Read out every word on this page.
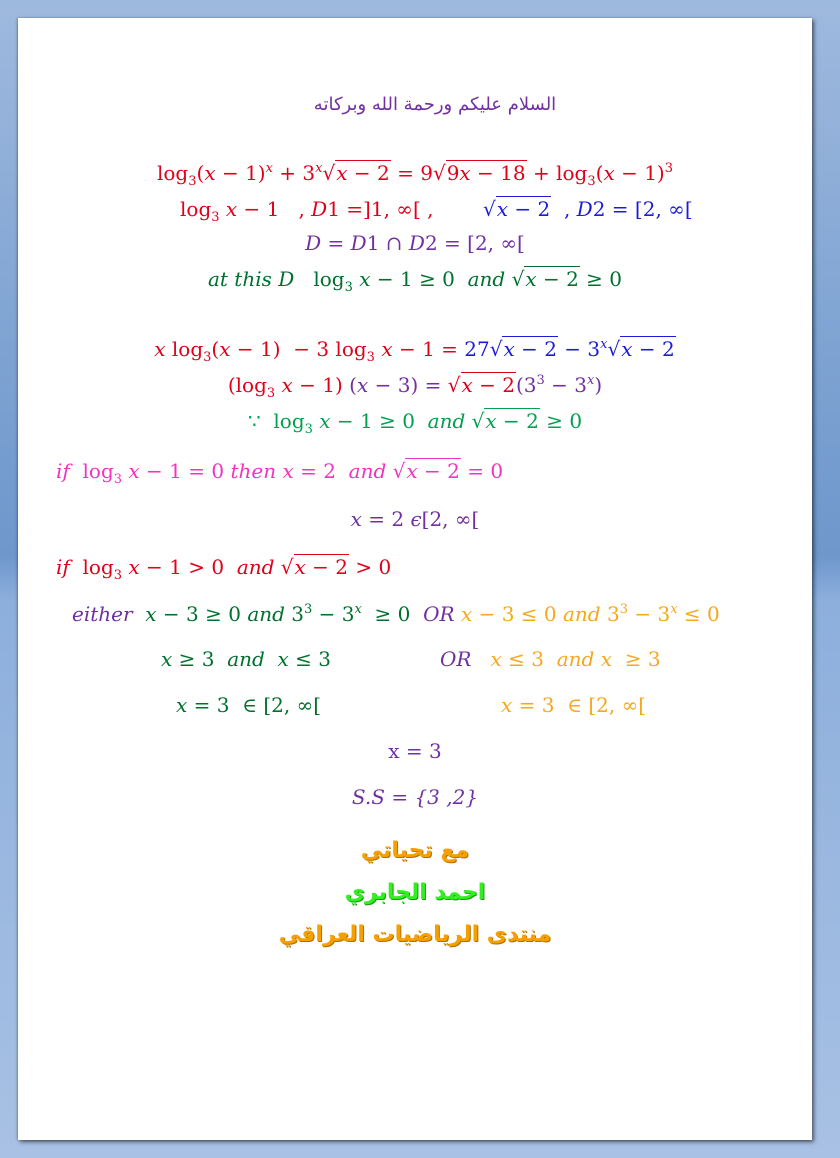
السلام عليكم ورحمة الله وبركاته
$\log_3(x - 1)^x + 3^x√x - 2 = 9√9x - 18 + \log_3(x - 1)^3$
$\log_3 x - 1$   , D1 =]1, ∞[ , √x − 2  , D2 = [2, ∞[
D = D1 ∩ D2 = [2, ∞[
at this D   $\log_3 x - 1 \ge 0$  and √x − 2 ≥ 0
x $\log_3(x - 1) - 3$ $\log_3 x - 1 = 27√x - 2 - 3^x√x - 2$
($\log_3$ x − 1) $(x - 3) = √x - 2(3^3 - 3^x)$
∵  $\log_3 x - 1 \ge 0$  and √x − 2 ≥ 0
if  $\log_3 x - 1 = 0$ then x = 2  and √x − 2 = 0
x = 2 ϵ[2, ∞[
if  $\log_3 x - 1 > 0$  and √x − 2 > 0
either x − 3 ≥ 0 and $3^3 - 3^x \ge 0$ OR x − 3 ≤ 0 and $3^3 - 3^x \le 0$
x ≥ 3  and x ≤ 3	OR x ≤ 3  and x  ≥ 3
x = 3  ∈ [2, ∞[	x = 3  ∈ [2, ∞[
x = 3
S.S = {3 ,2}
مع تحياتي
احمد الجابري
منتدى الرياضيات العراقي
